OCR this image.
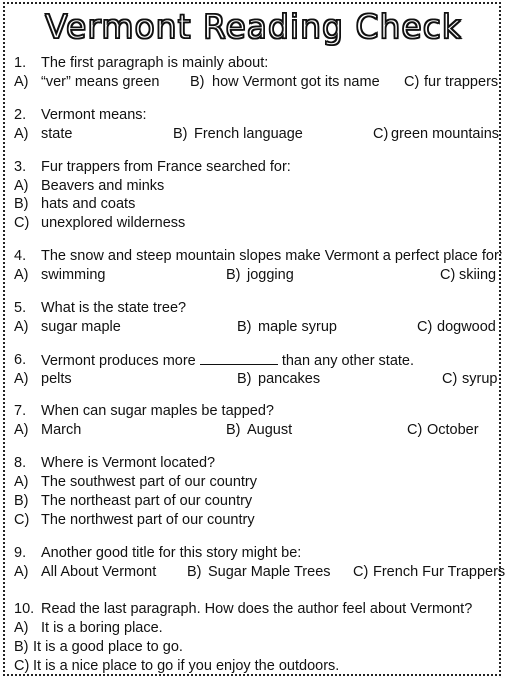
Vermont Reading Check
1. The first paragraph is mainly about:
A) “ver” means green B) how Vermont got its name C) fur trappers
2. Vermont means:
A) state	B) French language	C) green mountains
3. Fur trappers from France searched for:
A) Beavers and minks
B) hats and coats
C) unexplored wilderness
4. The snow and steep mountain slopes make Vermont a perfect place for:
A) swimming	B) jogging	C) skiing
5. What is the state tree?
A) sugar maple	B) maple syrup	C) dogwood
6. Vermont produces more	than any other state.
A) pelts	B) pancakes	C) syrup
7. When can sugar maples be tapped?
A) March	B) August	C) October
8. Where is Vermont located?
A) The southwest part of our country
B) The northeast part of our country
C) The northwest part of our country
9. Another good title for this story might be:
A) All About Vermont B) Sugar Maple Trees C) French Fur Trappers
10. Read the last paragraph. How does the author feel about Vermont?
A) It is a boring place.
B) It is a good place to go.
C) It is a nice place to go if you enjoy the outdoors.
